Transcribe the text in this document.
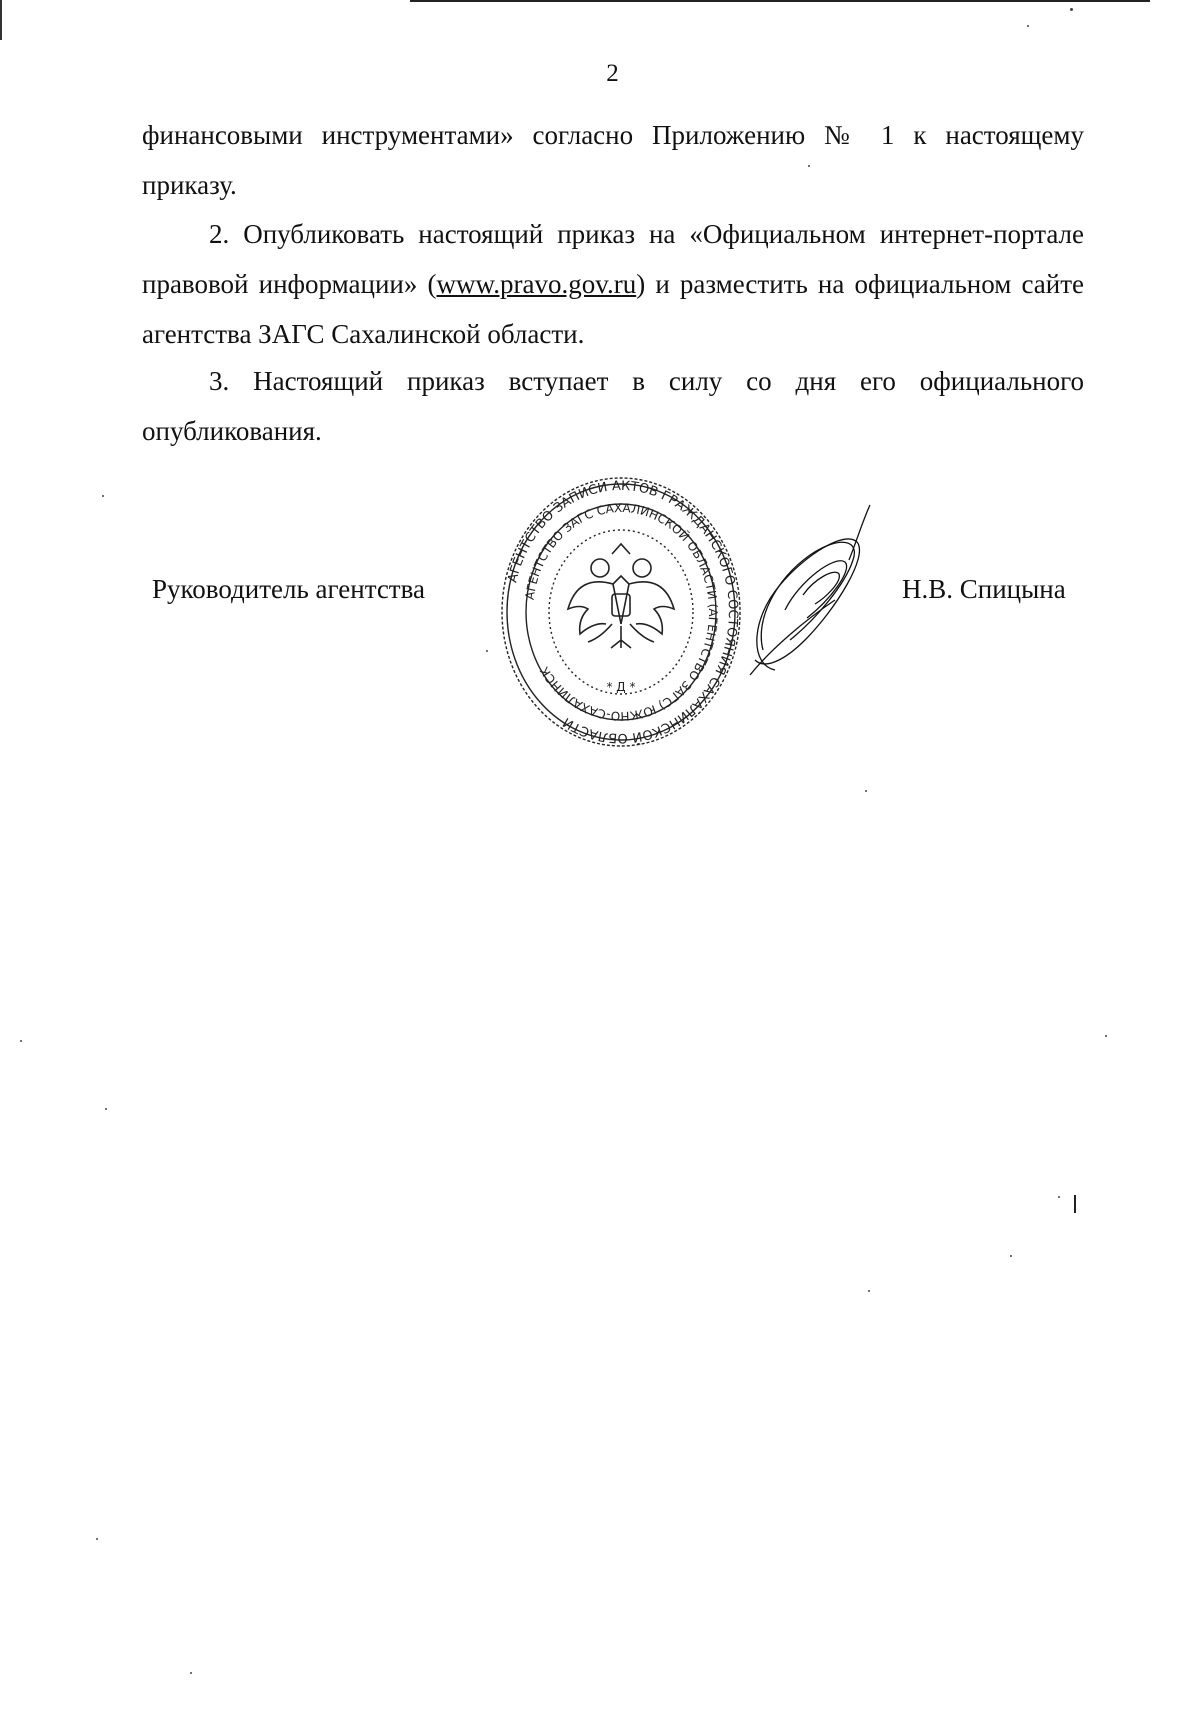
2

финансовыми инструментами» согласно Приложению № 1 к настоящему приказу.

2. Опубликовать настоящий приказ на «Официальном интернет-портале правовой информации» (www.pravo.gov.ru) и разместить на официальном сайте агентства ЗАГС Сахалинской области.

3. Настоящий приказ вступает в силу со дня его официального опубликования.

Руководитель агентства	Н.В. Спицына
АГЕНТСТВО ЗАПИСИ АКТОВ ГРАЖДАНСКОГО СОСТОЯНИЯ САХАЛИНСКОЙ ОБЛАСТИ
АГЕНТСТВО ЗАГС САХАЛИНСКОЙ ОБЛАСТИ (АГЕНТСТВО ЗАГС) ЮЖНО-САХАЛИНСК
* Д *
